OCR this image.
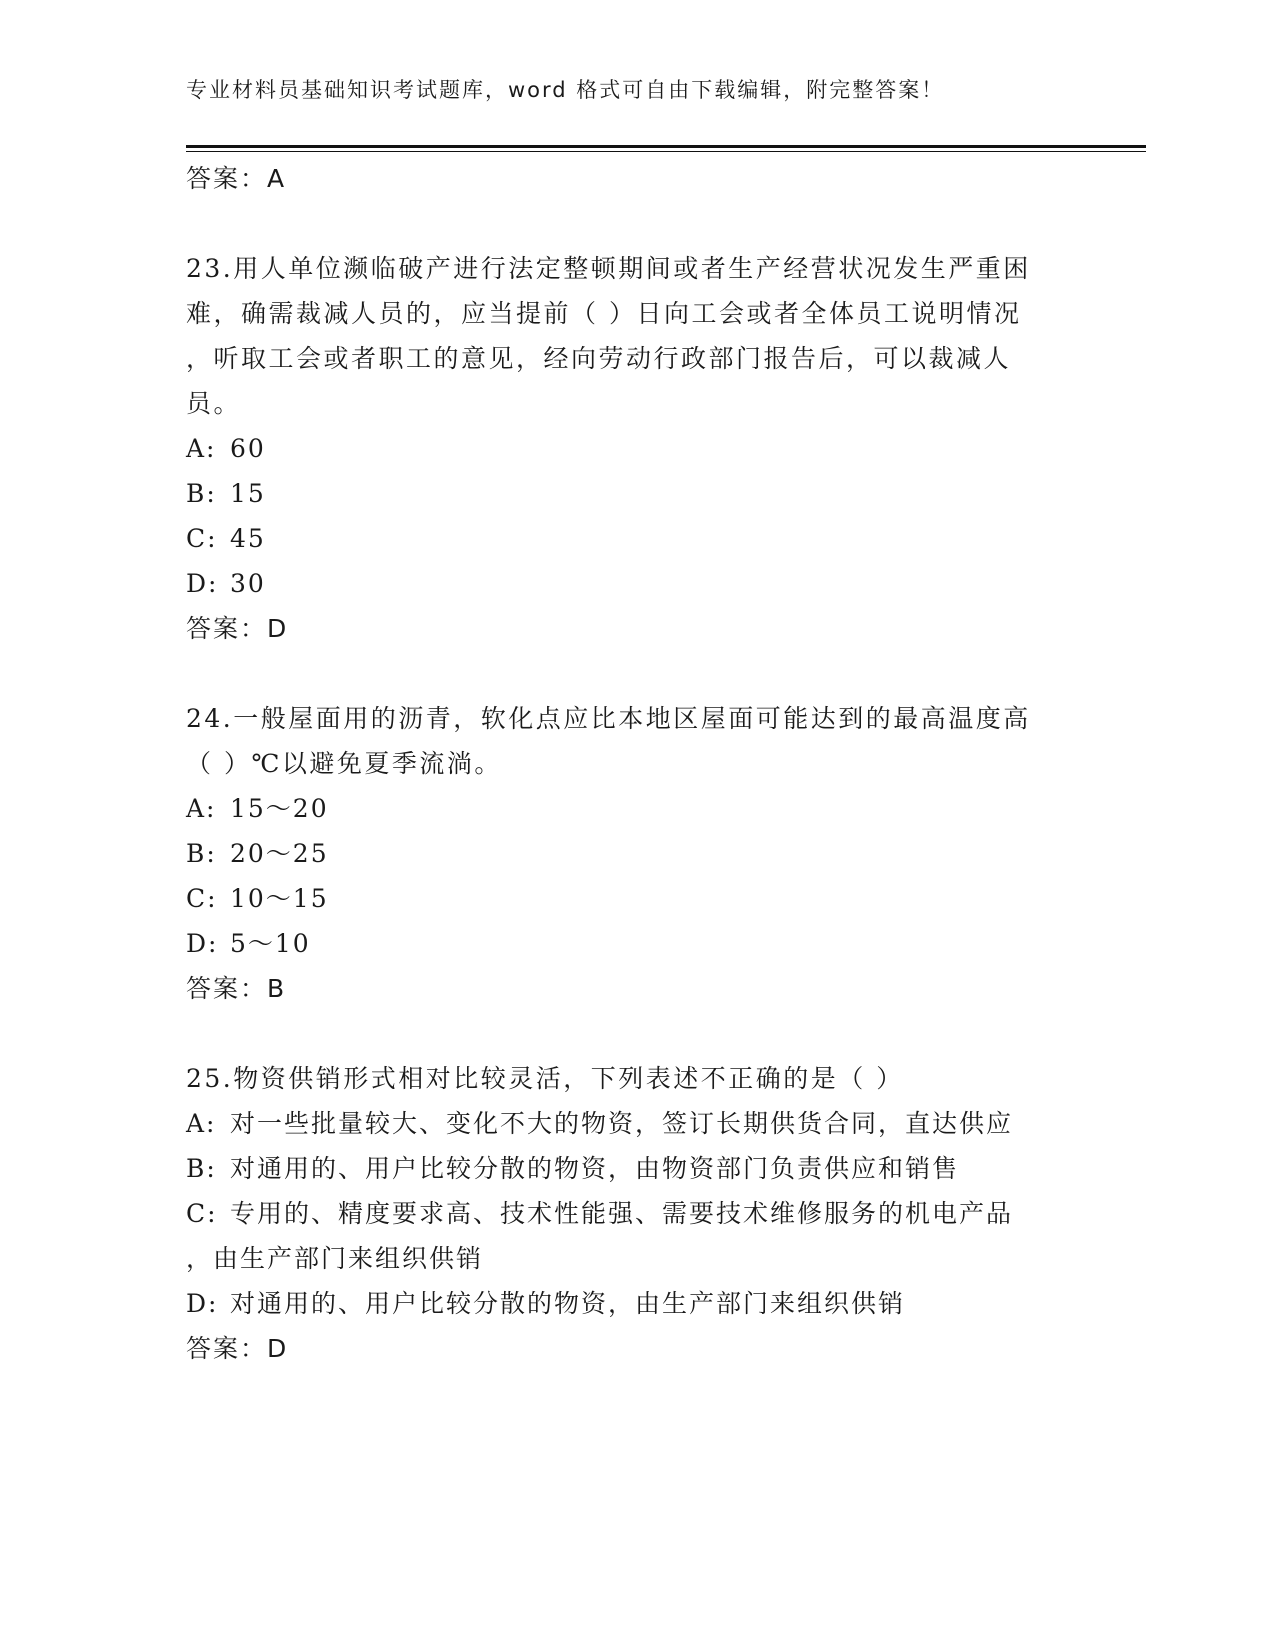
专业材料员基础知识考试题库，word 格式可自由下载编辑，附完整答案！
答案：A
23.用人单位濒临破产进行法定整顿期间或者生产经营状况发生严重困
难，确需裁减人员的，应当提前（ ）日向工会或者全体员工说明情况
，听取工会或者职工的意见，经向劳动行政部门报告后，可以裁减人
员。
A: 60
B: 15
C: 45
D: 30
答案：D
24.一般屋面用的沥青，软化点应比本地区屋面可能达到的最高温度高
（ ）℃以避免夏季流淌。
A: 15～20
B: 20～25
C: 10～15
D: 5～10
答案：B
25.物资供销形式相对比较灵活，下列表述不正确的是（ ）
A: 对一些批量较大、变化不大的物资，签订长期供货合同，直达供应
B: 对通用的、用户比较分散的物资，由物资部门负责供应和销售
C: 专用的、精度要求高、技术性能强、需要技术维修服务的机电产品
，由生产部门来组织供销
D: 对通用的、用户比较分散的物资，由生产部门来组织供销
答案：D
